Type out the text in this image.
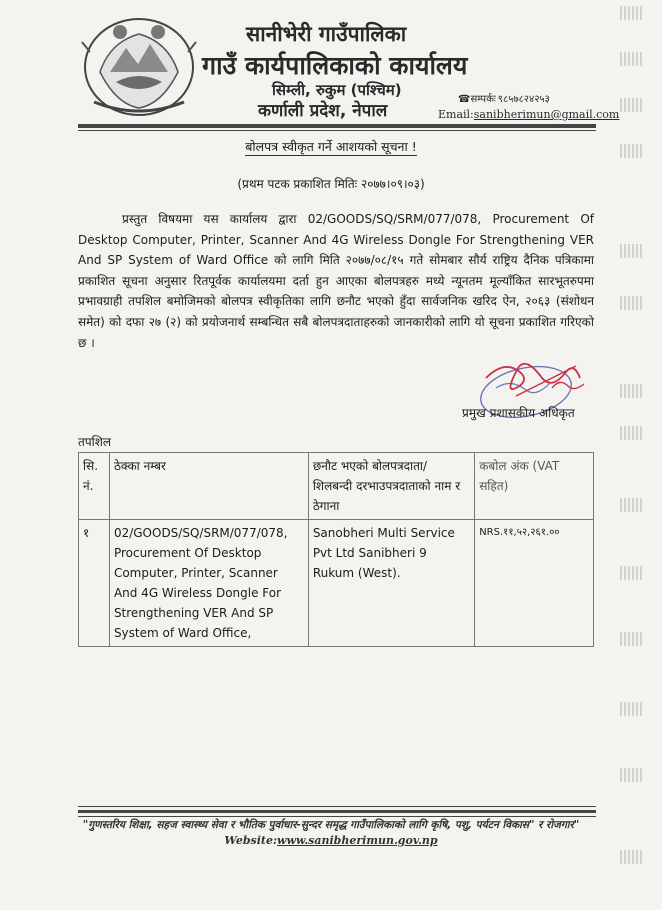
सानीभेरी गाउँपालिका
गाउँ कार्यपालिकाको कार्यालय
सिम्ली, रुकुम (पश्चिम)
कर्णाली प्रदेश, नेपाल
☎सम्पर्कः ९८५७८२४२५३
Email:sanibherimun@gmail.com
बोलपत्र स्वीकृत गर्ने आशयको सूचना !
(प्रथम पटक प्रकाशित मितिः २०७७।०९।०३)
प्रस्तुत विषयमा यस कार्यालय द्वारा 02/GOODS/SQ/SRM/077/078, Procurement Of Desktop Computer, Printer, Scanner And 4G Wireless Dongle For Strengthening VER And SP System of Ward Office को लागि मिति २०७७/०८/१५ गते सोमबार सौर्य राष्ट्रिय दैनिक पत्रिकामा प्रकाशित सूचना अनुसार रितपूर्वक कार्यालयमा दर्ता हुन आएका बोलपत्रहरु मध्ये न्यूनतम मूल्याँकित सारभूतरुपमा प्रभावग्राही तपशिल बमोजिमको बोलपत्र स्वीकृतिका लागि छनौट भएको हुँदा सार्वजनिक खरिद ऐन, २०६३ (संशोधन समेत) को दफा २७ (२) को प्रयोजनार्थ सम्बन्धित सबै बोलपत्रदाताहरुको जानकारीको लागि यो सूचना प्रकाशित गरिएको छ ।
प्रमुख प्रशासकीय अधिकृत
तपशिल
सि. नं.	ठेक्का नम्बर	छनौट भएको बोलपत्रदाता/ शिलबन्दी दरभाउपत्रदाताको नाम र ठेगाना	कबोल अंक (VAT सहित)
१	02/GOODS/SQ/SRM/077/078, Procurement Of Desktop Computer, Printer, Scanner And 4G Wireless Dongle For Strengthening VER And SP System of Ward Office,	Sanobheri Multi Service Pvt Ltd Sanibheri 9 Rukum (West).	NRS.११,५२,२६१.००
"गुणस्तरिय शिक्षा, सहज स्वास्थ्य सेवा र भौतिक पुर्वाधार-सुन्दर समृद्ध गाउँपालिकाको लागि कृषि, पशु, पर्यटन विकास" र रोजगार"
Website:www.sanibherimun.gov.np
